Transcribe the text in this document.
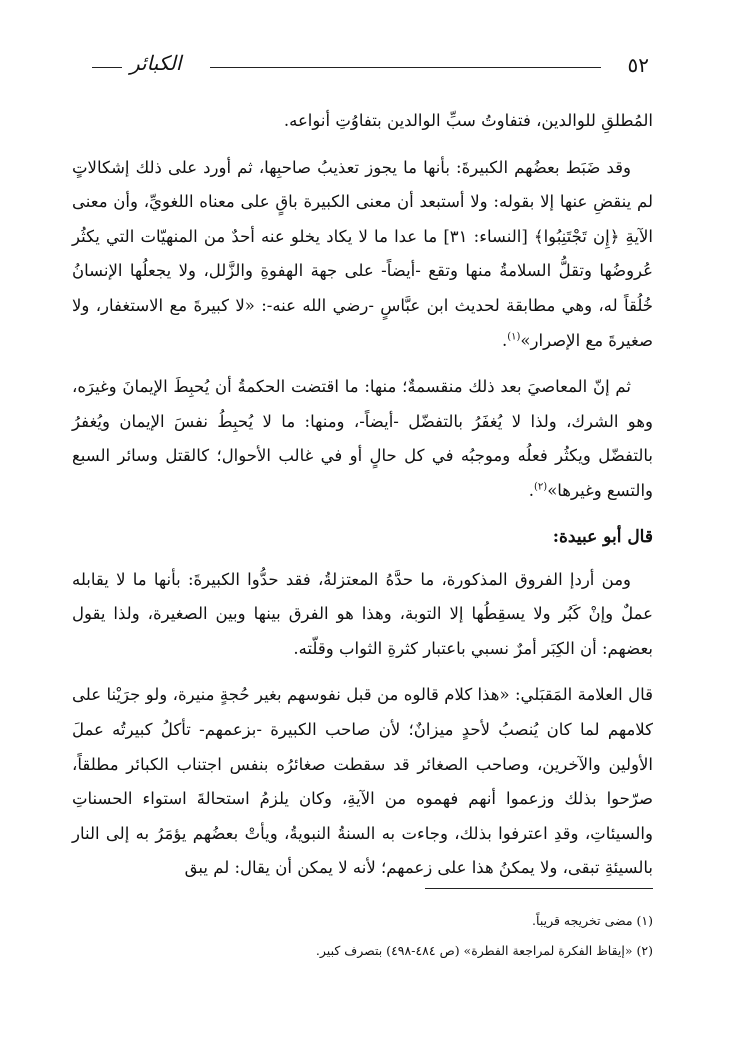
الكبائر	٥٢

المُطلقِ للوالدين، فتفاوتُ سبِّ الوالدين بتفاوُتِ أنواعه.

وقد ضَبَط بعضُهم الكبيرةَ: بأنها ما يجوز تعذيبُ صاحبِها، ثم أورد على ذلك إشكالاتٍ لم ينقضِ عنها إلا بقوله: ولا أستبعد أن معنى الكبيرة باقٍ على معناه اللغويِّ، وأن معنى الآيةِ ﴿إِن تَجْتَنِبُوا﴾ [النساء: ٣١] ما عدا ما لا يكاد يخلو عنه أحدٌ من المنهيّات التي يكثُر عُروضُها وتقلُّ السلامةُ منها وتقع -أيضاً- على جهة الهفوةِ والزَّلل، ولا يجعلُها الإنسانُ خُلُقاً له، وهي مطابقة لحديث ابن عبَّاسٍ -رضي الله عنه-: «لا كبيرةَ مع الاستغفار، ولا صغيرةَ مع الإصرار»$^{(١)}$.

ثم إنّ المعاصيَ بعد ذلك منقسمةٌ؛ منها: ما اقتضت الحكمةُ أن يُحبِطَ الإيمانَ وغيرَه، وهو الشرك، ولذا لا يُغفَرُ بالتفضّل -أيضاً-، ومنها: ما لا يُحبِطُ نفسَ الإيمان ويُغفرُ بالتفضّل ويكثُر فعلُه وموجبُه في كل حالٍ أو في غالب الأحوال؛ كالقتل وسائر السبع والتسع وغيرها»$^{(٢)}$.

قال أبو عبيدة:

ومن أردإ الفروق المذكورة، ما حدَّهُ المعتزلةُ، فقد حدُّوا الكبيرةَ: بأنها ما لا يقابله عملٌ وإنْ كَبُر ولا يسقِطُها إلا التوبة، وهذا هو الفرق بينها وبين الصغيرة، ولذا يقول بعضهم: أن الكِبَر أمرٌ نسبي باعتبار كثرةِ الثواب وقلّته.

قال العلامة المَقبَلي: «هذا كلام قالوه من قبل نفوسهم بغير حُجةٍ منيرة، ولو جرَيْنا على كلامهم لما كان يُنصبُ لأحدٍ ميزانٌ؛ لأن صاحب الكبيرة -بزعمهم- تأكلُ كبيرتُه عملَ الأولين والآخرين، وصاحب الصغائر قد سقطت صغائرُه بنفس اجتناب الكبائر مطلقاً، صرّحوا بذلك وزعموا أنهم فهموه من الآيةِ، وكان يلزمُ استحالةَ استواء الحسناتِ والسيئاتِ، وقدِ اعترفوا بذلك، وجاءت به السنةُ النبويةُ، ويأتْ بعضُهم يؤمَرُ به إلى النار بالسيئةِ تبقى، ولا يمكنُ هذا على زعمهم؛ لأنه لا يمكن أن يقال: لم يبق

(١) مضى تخريجه قريباً.
(٢) «إيقاظ الفكرة لمراجعة الفطرة» (ص ٤٨٤-٤٩٨) بتصرف كبير.
